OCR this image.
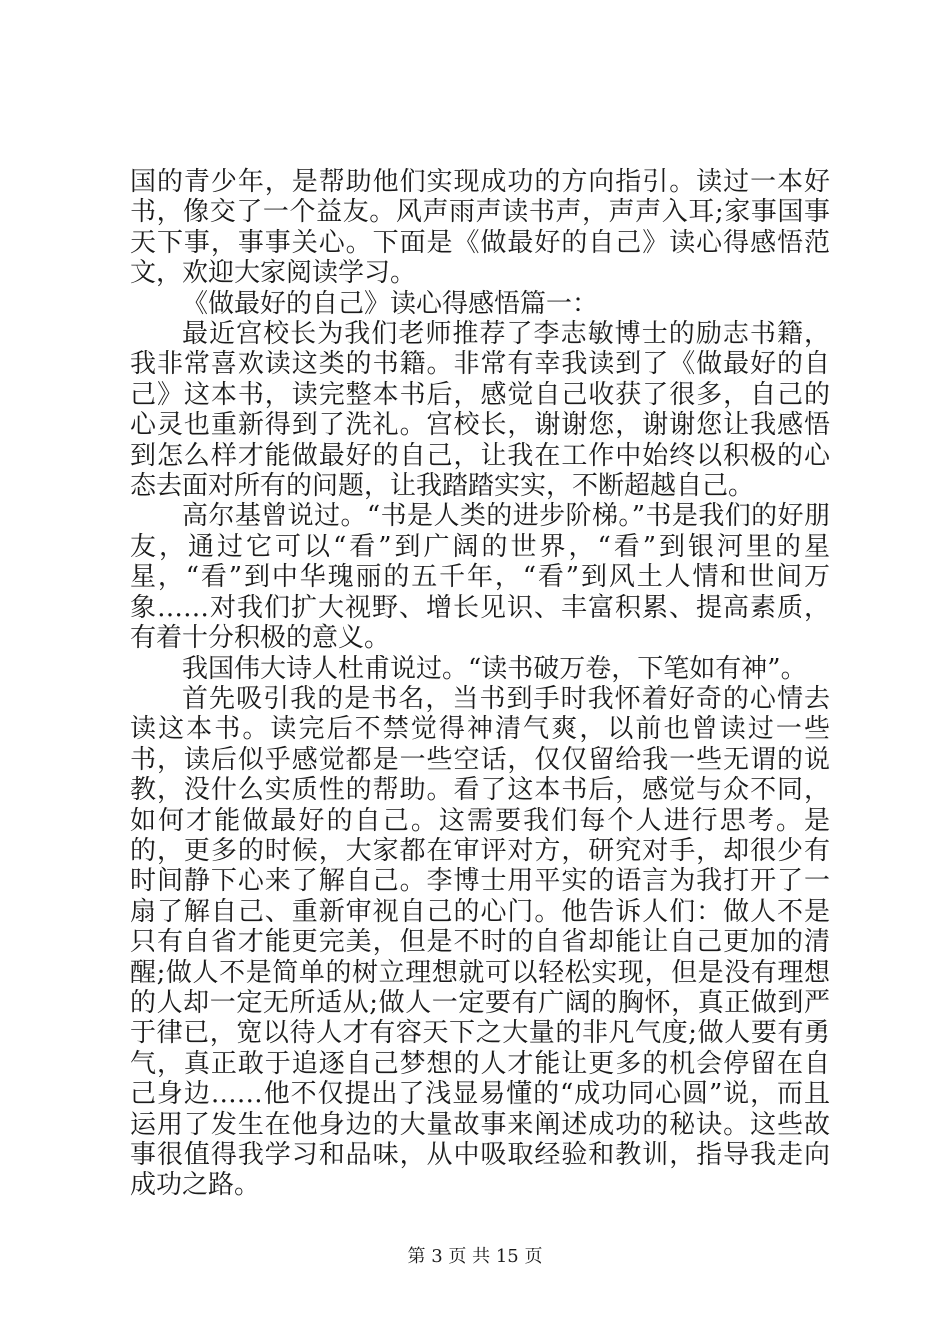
国的青少年，是帮助他们实现成功的方向指引。读过一本好书，像交了一个益友。风声雨声读书声，声声入耳;家事国事天下事，事事关心。下面是《做最好的自己》读心得感悟范文，欢迎大家阅读学习。

《做最好的自己》读心得感悟篇一：

最近宫校长为我们老师推荐了李志敏博士的励志书籍，我非常喜欢读这类的书籍。非常有幸我读到了《做最好的自己》这本书，读完整本书后，感觉自己收获了很多，自己的心灵也重新得到了洗礼。宫校长，谢谢您，谢谢您让我感悟到怎么样才能做最好的自己，让我在工作中始终以积极的心态去面对所有的问题，让我踏踏实实，不断超越自己。

高尔基曾说过。“书是人类的进步阶梯。”书是我们的好朋友，通过它可以“看”到广阔的世界，“看”到银河里的星星，“看”到中华瑰丽的五千年，“看”到风土人情和世间万象……对我们扩大视野、增长见识、丰富积累、提高素质，有着十分积极的意义。

我国伟大诗人杜甫说过。“读书破万卷，下笔如有神”。

首先吸引我的是书名，当书到手时我怀着好奇的心情去读这本书。读完后不禁觉得神清气爽，以前也曾读过一些书，读后似乎感觉都是一些空话，仅仅留给我一些无谓的说教，没什么实质性的帮助。看了这本书后，感觉与众不同，如何才能做最好的自己。这需要我们每个人进行思考。是的，更多的时候，大家都在审评对方，研究对手，却很少有时间静下心来了解自己。李博士用平实的语言为我打开了一扇了解自己、重新审视自己的心门。他告诉人们：做人不是只有自省才能更完美，但是不时的自省却能让自己更加的清醒;做人不是简单的树立理想就可以轻松实现，但是没有理想的人却一定无所适从;做人一定要有广阔的胸怀，真正做到严于律已，宽以待人才有容天下之大量的非凡气度;做人要有勇气，真正敢于追逐自己梦想的人才能让更多的机会停留在自己身边……他不仅提出了浅显易懂的“成功同心圆”说，而且运用了发生在他身边的大量故事来阐述成功的秘诀。这些故事很值得我学习和品味，从中吸取经验和教训，指导我走向成功之路。

第 3 页 共 15 页
